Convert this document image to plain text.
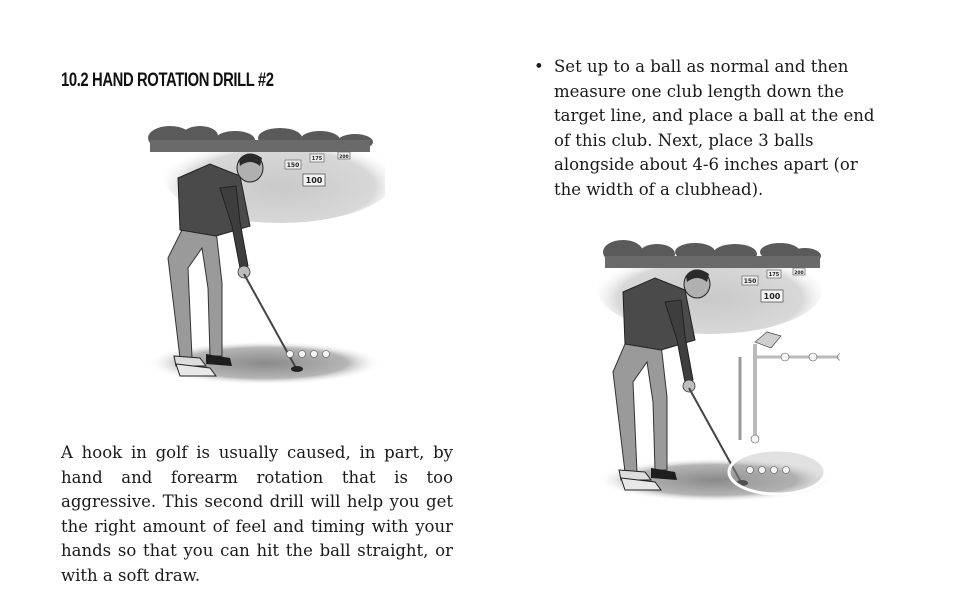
10.2 HAND ROTATION DRILL #2
150
175	200
100

A hook in golf is usually caused, in part, by hand and forearm rotation that is too aggressive. This second drill will help you get the right amount of feel and timing with your hands so that you can hit the ball straight, or with a soft draw.

• Set up to a ball as normal and then measure one club length down the target line, and place a ball at the end of this club. Next, place 3 balls alongside about 4-6 inches apart (or the width of a clubhead).
150
175	200
100
